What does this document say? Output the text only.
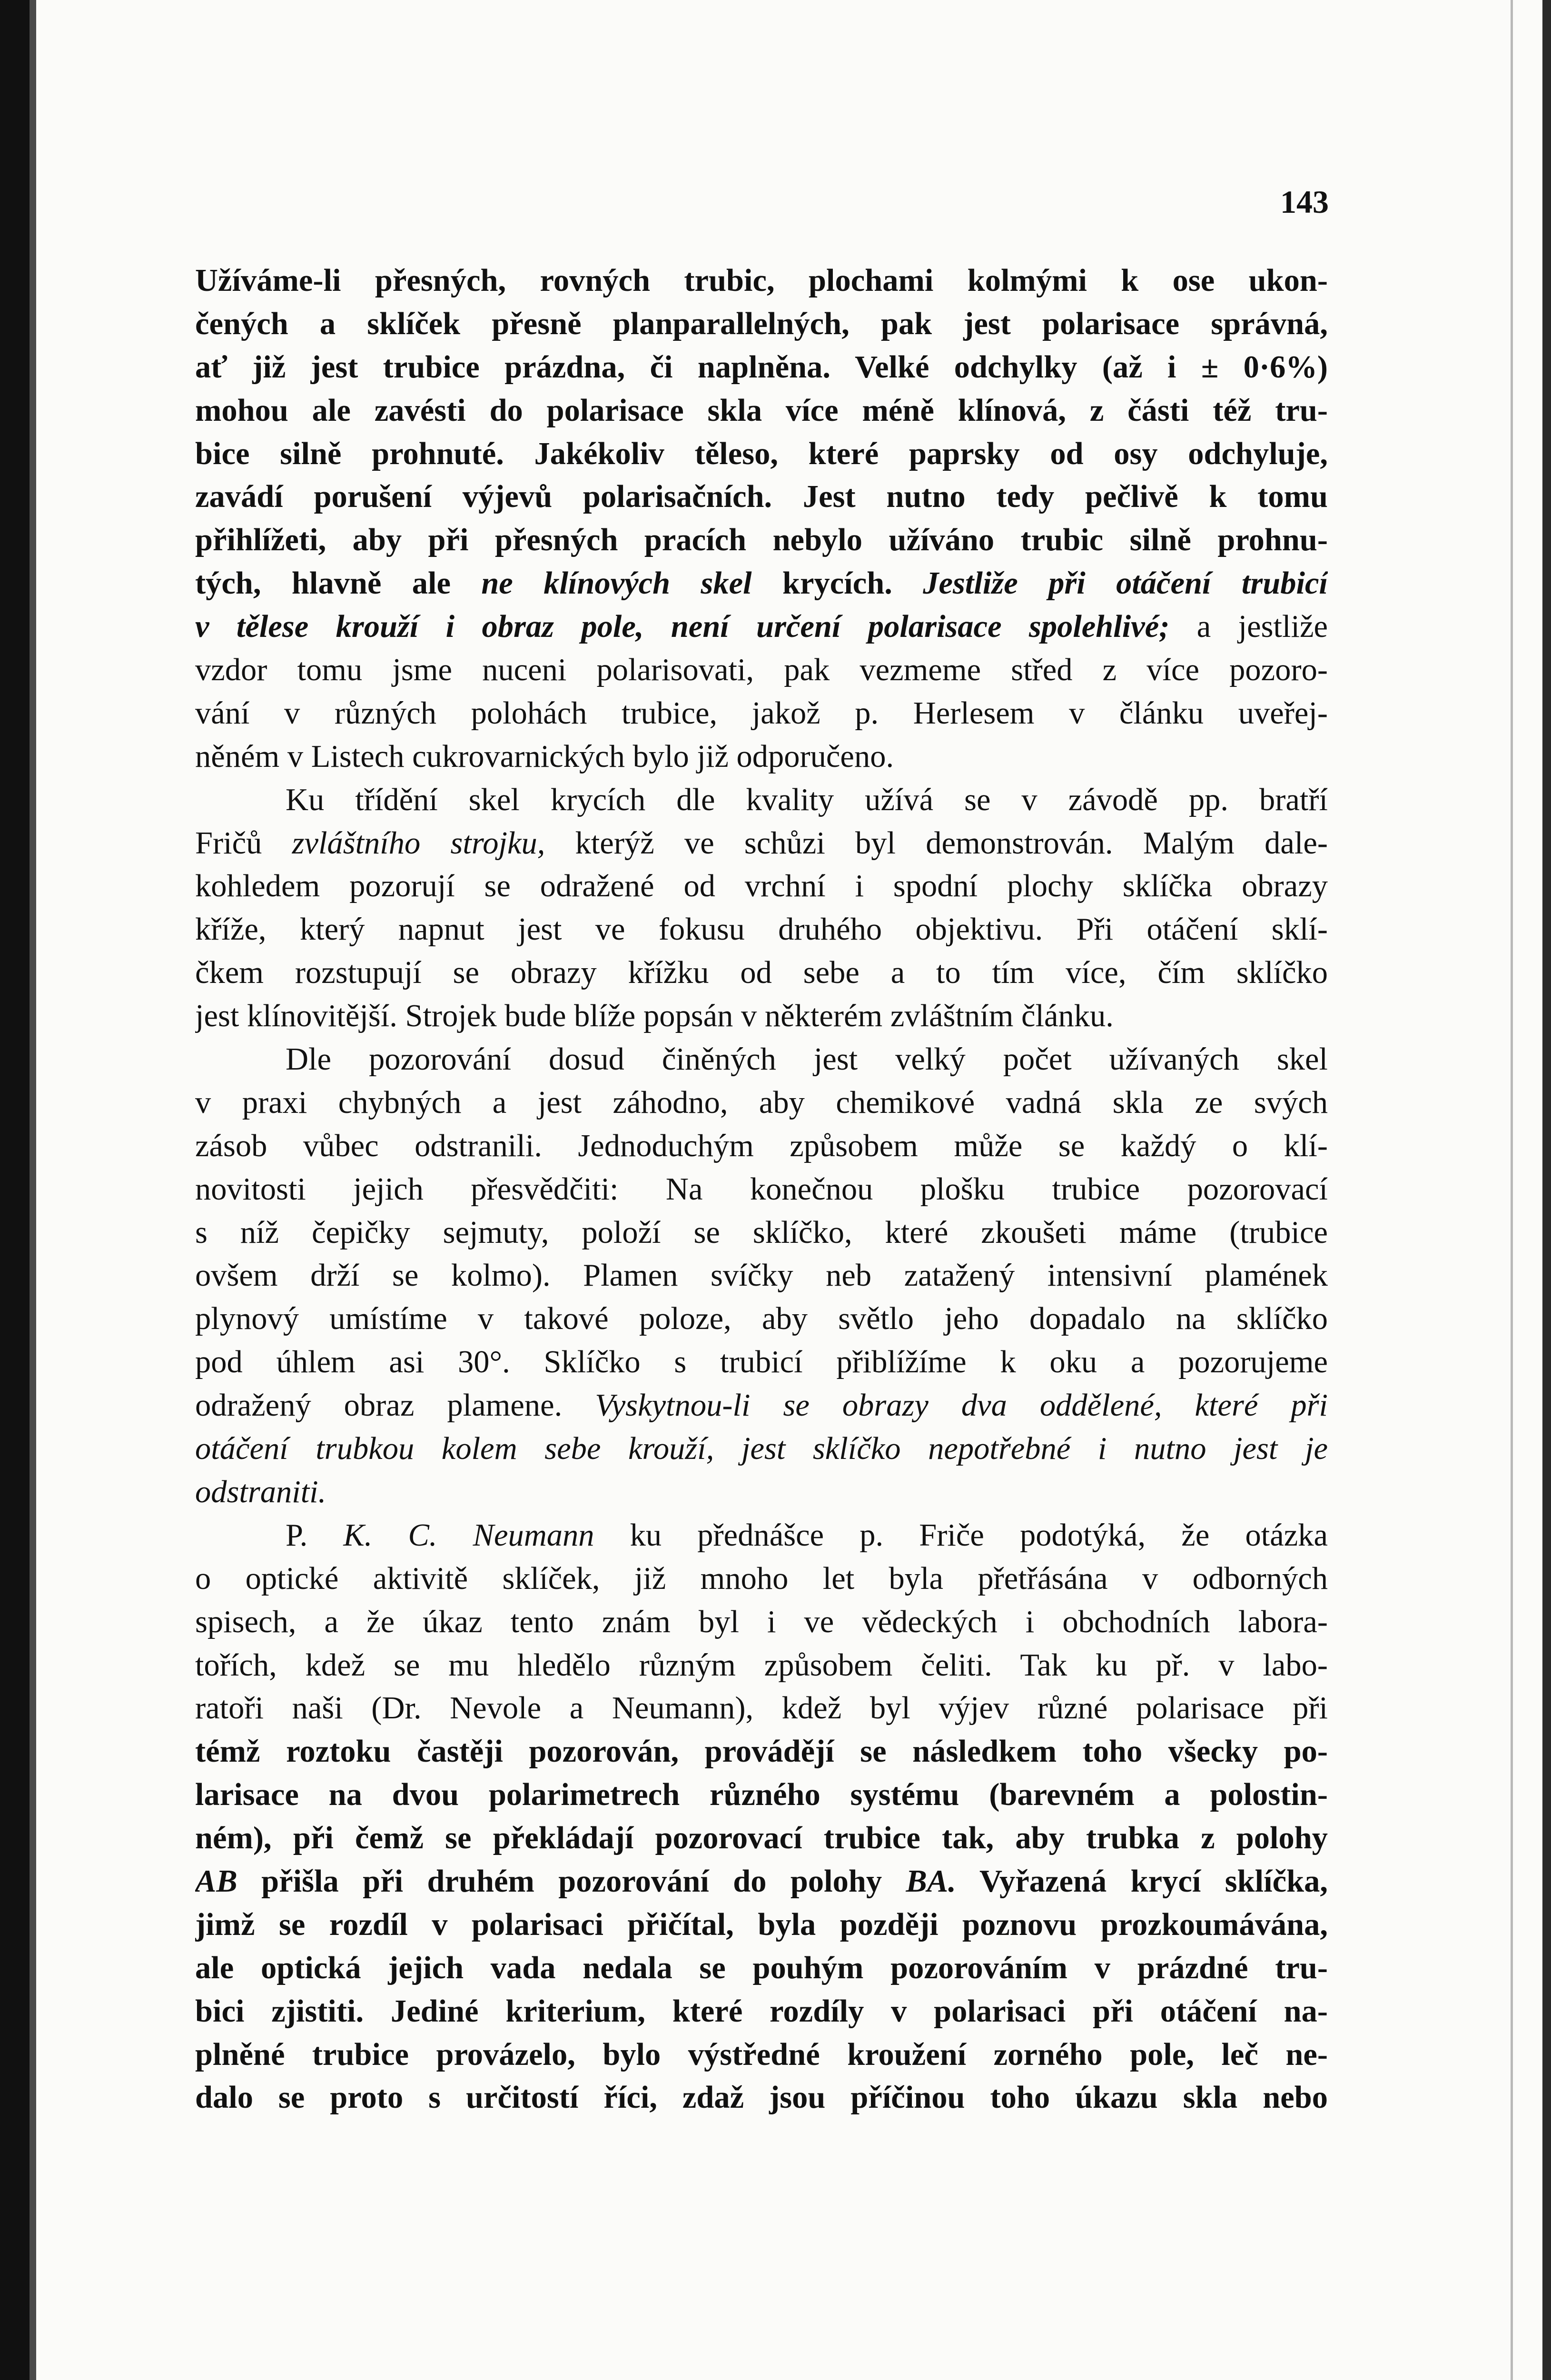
143
Užíváme-li přesných, rovných trubic, plochami kolmými k ose ukon-
čených a sklíček přesně planparallelných, pak jest polarisace správná,
ať již jest trubice prázdna, či naplněna. Velké odchylky (až i ± 0·6%)
mohou ale zavésti do polarisace skla více méně klínová, z části též tru-
bice silně prohnuté. Jakékoliv těleso, které paprsky od osy odchyluje,
zavádí porušení výjevů polarisačních. Jest nutno tedy pečlivě k tomu
přihlížeti, aby při přesných pracích nebylo užíváno trubic silně prohnu-
tých, hlavně ale ne klínových skel krycích. Jestliže při otáčení trubicí
v tělese krouží i obraz pole, není určení polarisace spolehlivé; a jestliže
vzdor tomu jsme nuceni polarisovati, pak vezmeme střed z více pozoro-
vání v různých polohách trubice, jakož p. Herlesem v článku uveřej-
něném v Listech cukrovarnických bylo již odporučeno.
Ku třídění skel krycích dle kvality užívá se v závodě pp. bratří
Fričů zvláštního strojku, kterýž ve schůzi byl demonstrován. Malým dale-
kohledem pozorují se odražené od vrchní i spodní plochy sklíčka obrazy
kříže, který napnut jest ve fokusu druhého objektivu. Při otáčení sklí-
čkem rozstupují se obrazy křížku od sebe a to tím více, čím sklíčko
jest klínovitější. Strojek bude blíže popsán v některém zvláštním článku.
Dle pozorování dosud činěných jest velký počet užívaných skel
v praxi chybných a jest záhodno, aby chemikové vadná skla ze svých
zásob vůbec odstranili. Jednoduchým způsobem může se každý o klí-
novitosti jejich přesvědčiti: Na konečnou plošku trubice pozorovací
s níž čepičky sejmuty, položí se sklíčko, které zkoušeti máme (trubice
ovšem drží se kolmo). Plamen svíčky neb zatažený intensivní plamének
plynový umístíme v takové poloze, aby světlo jeho dopadalo na sklíčko
pod úhlem asi 30°. Sklíčko s trubicí přiblížíme k oku a pozorujeme
odražený obraz plamene. Vyskytnou-li se obrazy dva oddělené, které při
otáčení trubkou kolem sebe krouží, jest sklíčko nepotřebné i nutno jest je
odstraniti.
P. K. C. Neumann ku přednášce p. Friče podotýká, že otázka
o optické aktivitě sklíček, již mnoho let byla přetřásána v odborných
spisech, a že úkaz tento znám byl i ve vědeckých i obchodních labora-
tořích, kdež se mu hledělo různým způsobem čeliti. Tak ku př. v labo-
ratoři naši (Dr. Nevole a Neumann), kdež byl výjev různé polarisace při
témž roztoku častěji pozorován, provádějí se následkem toho všecky po-
larisace na dvou polarimetrech různého systému (barevném a polostin-
ném), při čemž se překládají pozorovací trubice tak, aby trubka z polohy
AB přišla při druhém pozorování do polohy BA. Vyřazená krycí sklíčka,
jimž se rozdíl v polarisaci přičítal, byla později poznovu prozkoumávána,
ale optická jejich vada nedala se pouhým pozorováním v prázdné tru-
bici zjistiti. Jediné kriterium, které rozdíly v polarisaci při otáčení na-
plněné trubice provázelo, bylo výstředné kroužení zorného pole, leč ne-
dalo se proto s určitostí říci, zdaž jsou příčinou toho úkazu skla nebo
